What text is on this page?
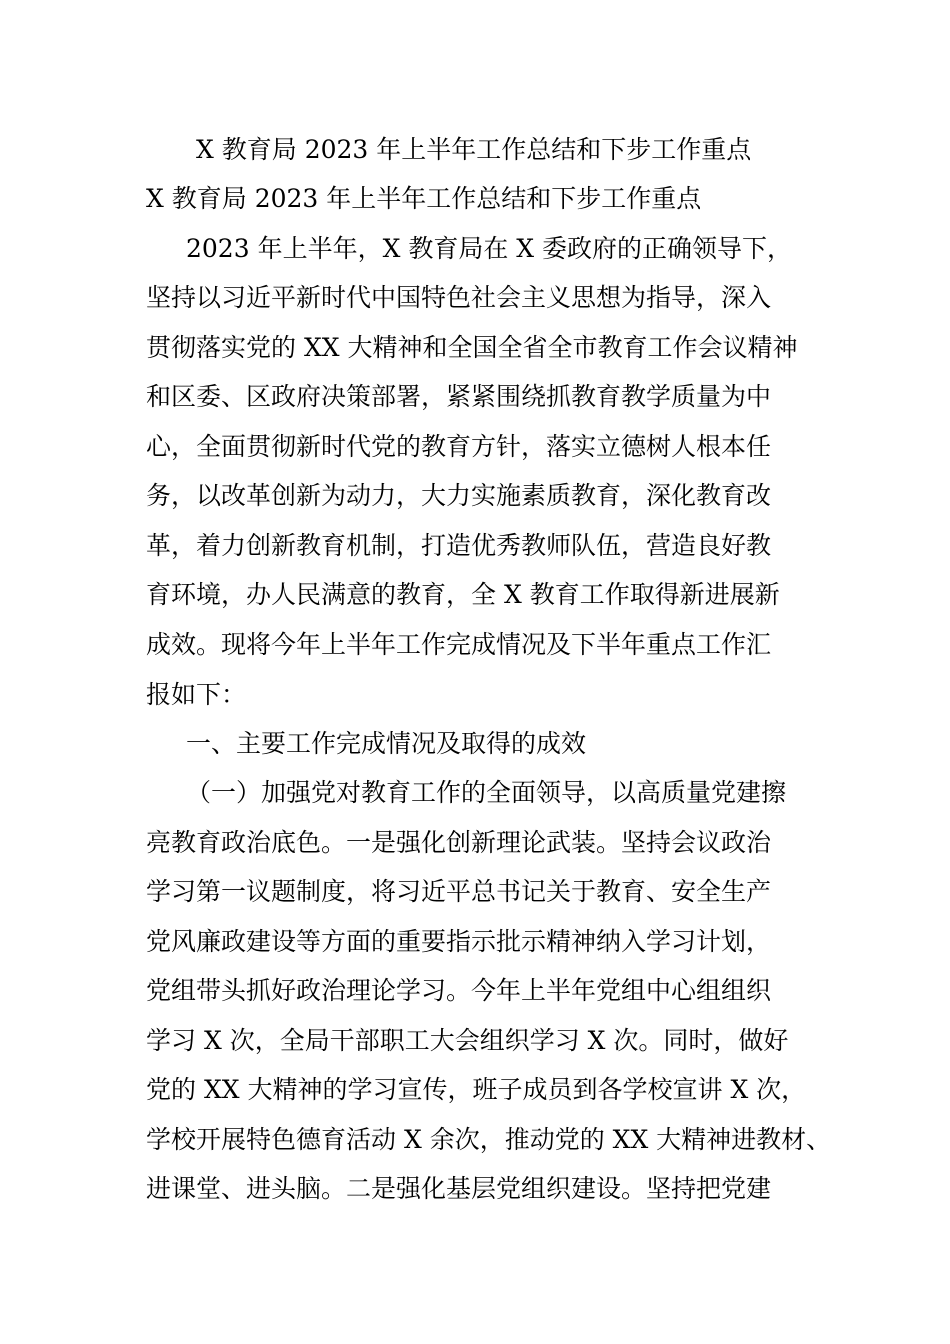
X 教育局 2023 年上半年工作总结和下步工作重点
X 教育局 2023 年上半年工作总结和下步工作重点
2023 年上半年，X 教育局在 X 委政府的正确领导下，
坚持以习近平新时代中国特色社会主义思想为指导，深入
贯彻落实党的 XX 大精神和全国全省全市教育工作会议精神
和区委、区政府决策部署，紧紧围绕抓教育教学质量为中
心，全面贯彻新时代党的教育方针，落实立德树人根本任
务，以改革创新为动力，大力实施素质教育，深化教育改
革，着力创新教育机制，打造优秀教师队伍，营造良好教
育环境，办人民满意的教育，全 X 教育工作取得新进展新
成效。现将今年上半年工作完成情况及下半年重点工作汇
报如下：
一、主要工作完成情况及取得的成效
（一）加强党对教育工作的全面领导，以高质量党建擦
亮教育政治底色。一是强化创新理论武装。坚持会议政治
学习第一议题制度，将习近平总书记关于教育、安全生产
党风廉政建设等方面的重要指示批示精神纳入学习计划，
党组带头抓好政治理论学习。今年上半年党组中心组组织
学习 X 次，全局干部职工大会组织学习 X 次。同时，做好
党的 XX 大精神的学习宣传，班子成员到各学校宣讲 X 次，
学校开展特色德育活动 X 余次，推动党的 XX 大精神进教材、
进课堂、进头脑。二是强化基层党组织建设。坚持把党建
